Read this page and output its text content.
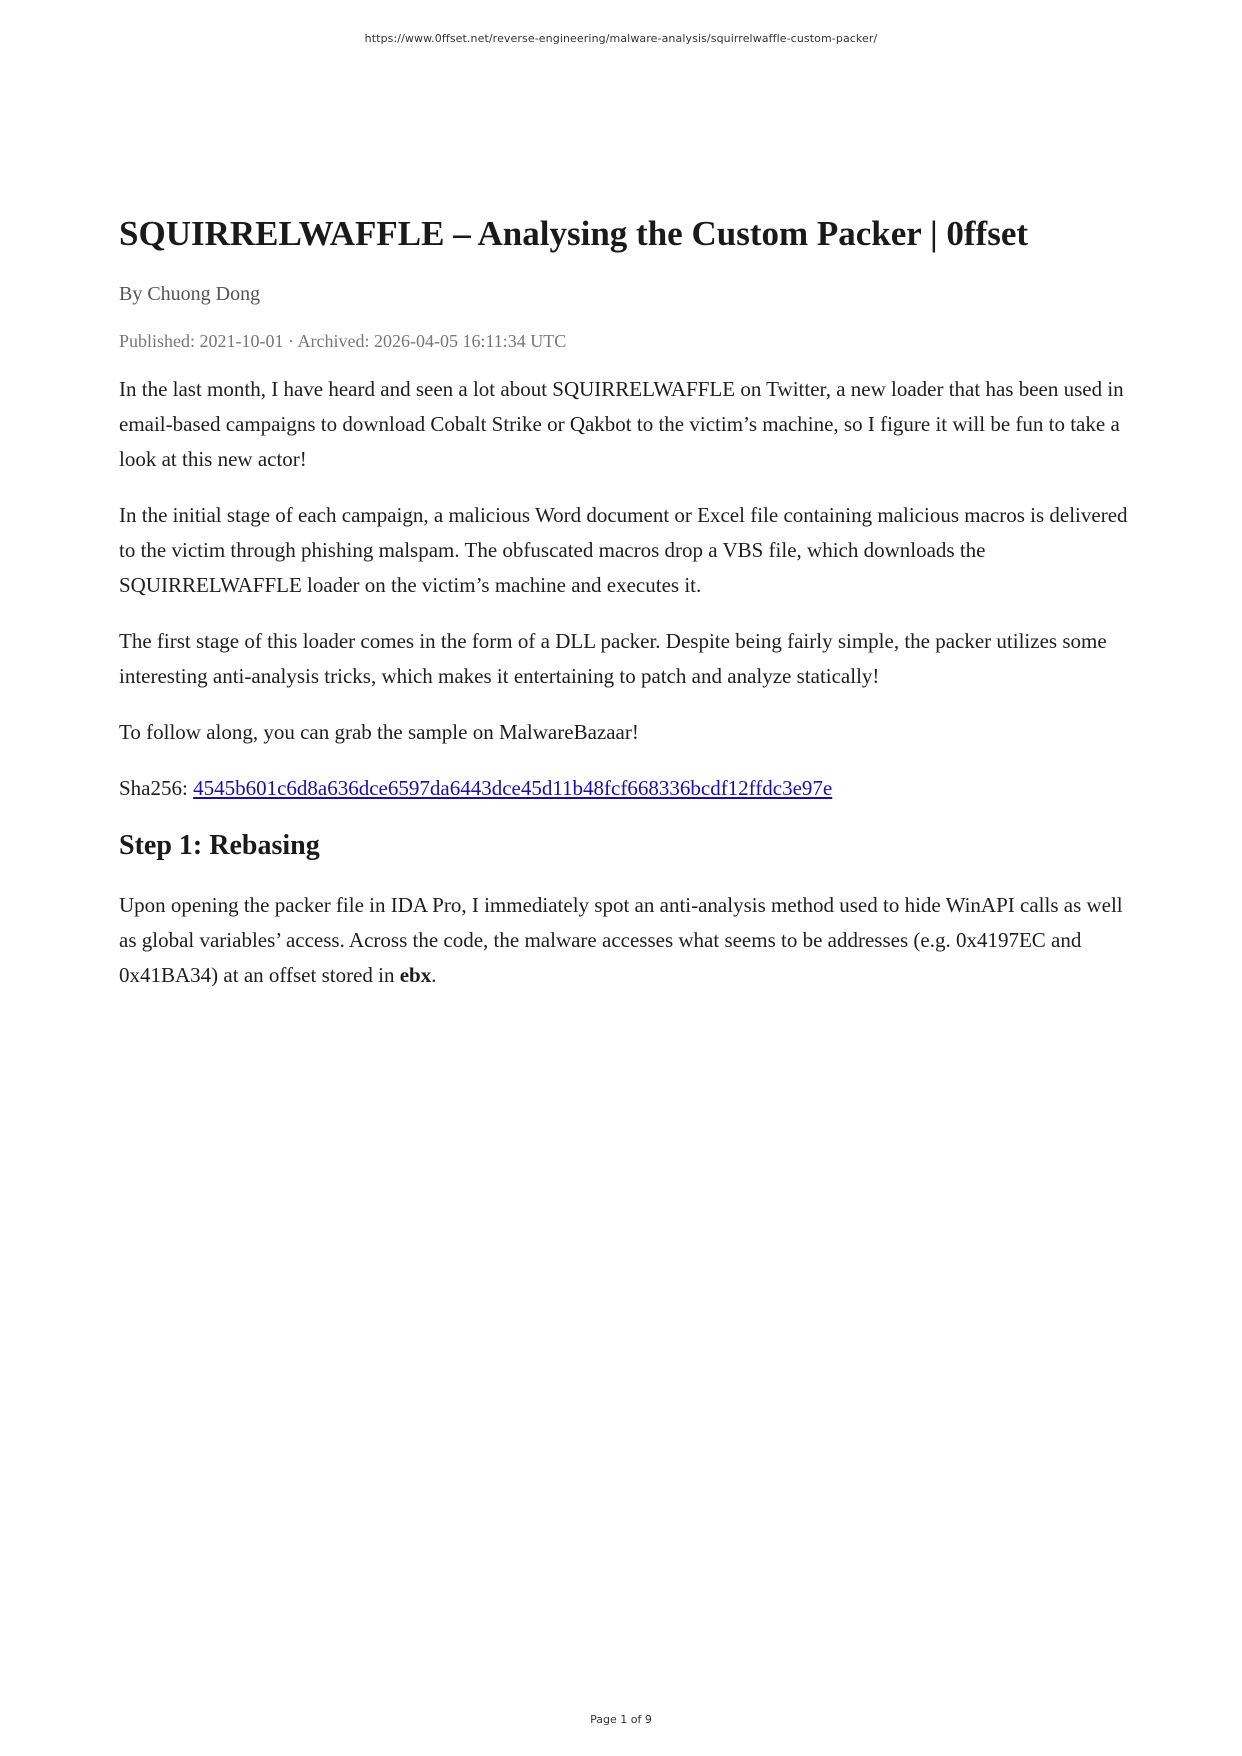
https://www.0ffset.net/reverse-engineering/malware-analysis/squirrelwaffle-custom-packer/
SQUIRRELWAFFLE – Analysing the Custom Packer | 0ffset

By Chuong Dong

Published: 2021-10-01 · Archived: 2026-04-05 16:11:34 UTC

In the last month, I have heard and seen a lot about SQUIRRELWAFFLE on Twitter, a new loader that has been used in email-based campaigns to download Cobalt Strike or Qakbot to the victim’s machine, so I figure it will be fun to take a look at this new actor!

In the initial stage of each campaign, a malicious Word document or Excel file containing malicious macros is delivered to the victim through phishing malspam. The obfuscated macros drop a VBS file, which downloads the SQUIRRELWAFFLE loader on the victim’s machine and executes it.

The first stage of this loader comes in the form of a DLL packer. Despite being fairly simple, the packer utilizes some interesting anti-analysis tricks, which makes it entertaining to patch and analyze statically!

To follow along, you can grab the sample on MalwareBazaar!

Sha256: 4545b601c6d8a636dce6597da6443dce45d11b48fcf668336bcdf12ffdc3e97e

Step 1: Rebasing

Upon opening the packer file in IDA Pro, I immediately spot an anti-analysis method used to hide WinAPI calls as well as global variables’ access. Across the code, the malware accesses what seems to be addresses (e.g. 0x4197EC and 0x41BA34) at an offset stored in ebx.

Page 1 of 9
